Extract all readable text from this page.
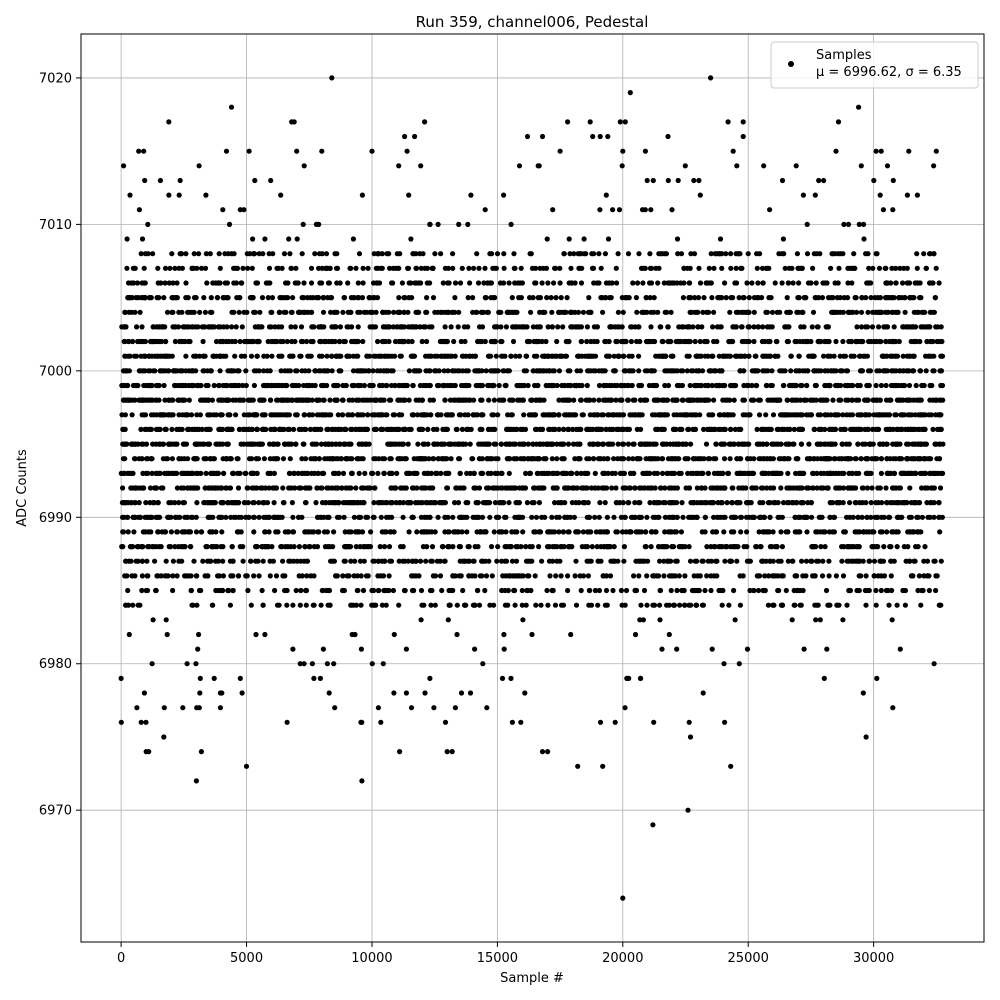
Run 359, channel006, Pedestal
0	5000	10000	15000	20000	25000	30000
6970
6980
6990
7000
7010
7020
Sample #
ADC Counts
Samples
μ = 6996.62, σ = 6.35
